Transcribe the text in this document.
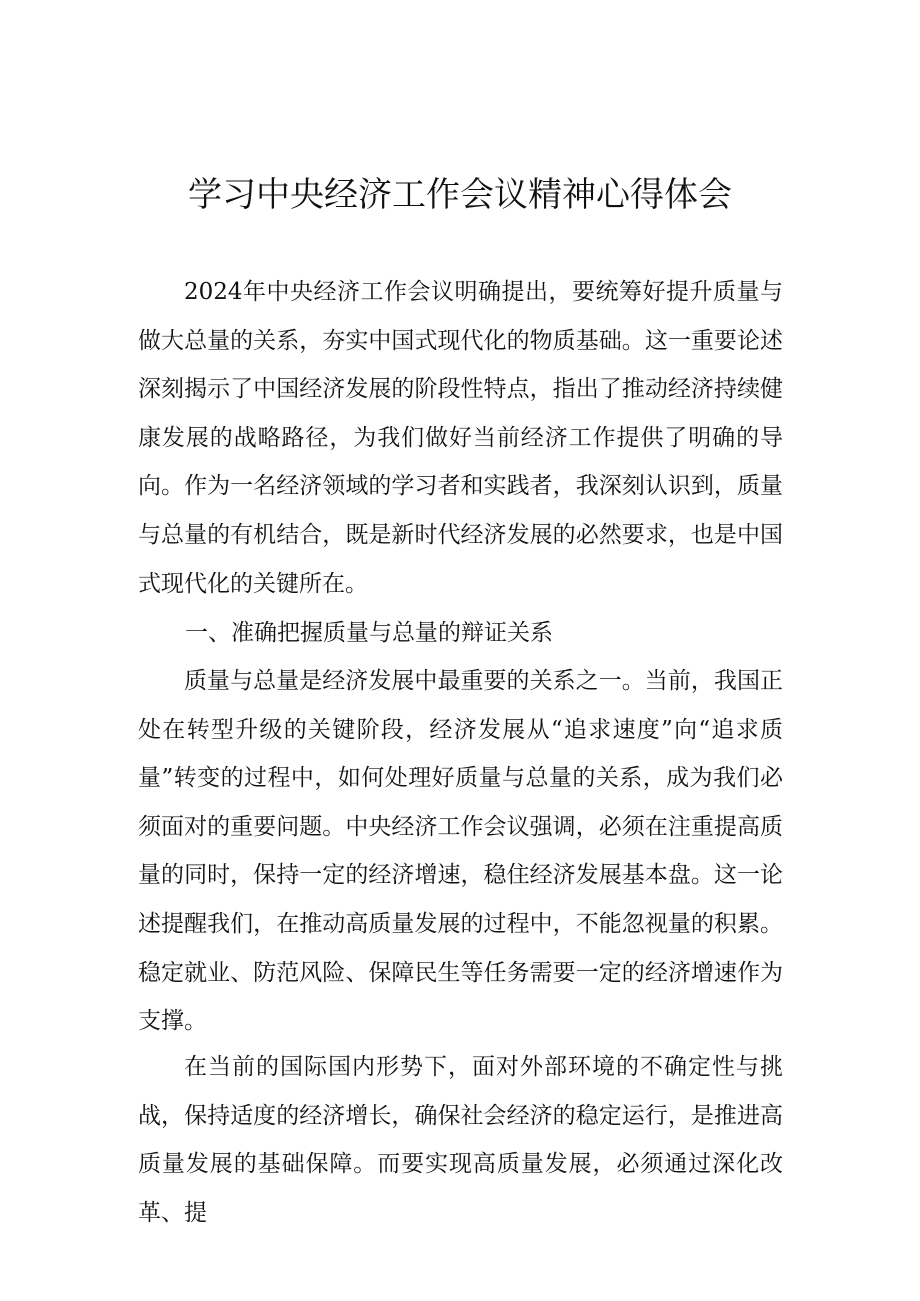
学习中央经济工作会议精神心得体会

2024年中央经济工作会议明确提出，要统筹好提升质量与做大总量的关系，夯实中国式现代化的物质基础。这一重要论述深刻揭示了中国经济发展的阶段性特点，指出了推动经济持续健康发展的战略路径，为我们做好当前经济工作提供了明确的导向。作为一名经济领域的学习者和实践者，我深刻认识到，质量与总量的有机结合，既是新时代经济发展的必然要求，也是中国式现代化的关键所在。

一、准确把握质量与总量的辩证关系

质量与总量是经济发展中最重要的关系之一。当前，我国正处在转型升级的关键阶段，经济发展从“追求速度”向“追求质量”转变的过程中，如何处理好质量与总量的关系，成为我们必须面对的重要问题。中央经济工作会议强调，必须在注重提高质量的同时，保持一定的经济增速，稳住经济发展基本盘。这一论述提醒我们，在推动高质量发展的过程中，不能忽视量的积累。稳定就业、防范风险、保障民生等任务需要一定的经济增速作为支撑。

在当前的国际国内形势下，面对外部环境的不确定性与挑战，保持适度的经济增长，确保社会经济的稳定运行，是推进高质量发展的基础保障。而要实现高质量发展，必须通过深化改革、提
